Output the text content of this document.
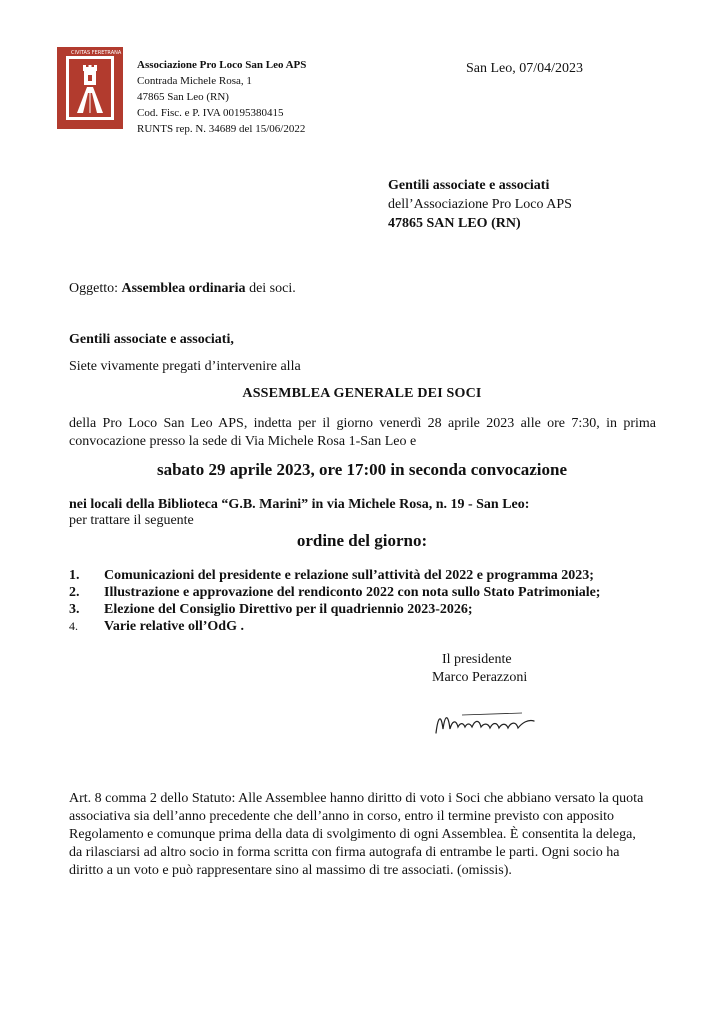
CIVITAS FERETRANA
Associazione Pro Loco San Leo APS
Contrada Michele Rosa, 1
47865 San Leo (RN)
Cod. Fisc. e P. IVA 00195380415
RUNTS rep. N. 34689 del 15/06/2022
San Leo, 07/04/2023
Gentili associate e associati
dell’Associazione Pro Loco APS
47865 SAN LEO (RN)
Oggetto: Assemblea ordinaria dei soci.
Gentili associate e associati,
Siete vivamente pregati d’intervenire alla
ASSEMBLEA GENERALE DEI SOCI
della Pro Loco San Leo APS, indetta per il giorno venerdì 28 aprile 2023 alle ore 7:30, in prima convocazione presso la sede di Via Michele Rosa 1-San Leo e
sabato 29 aprile 2023, ore 17:00 in seconda convocazione
nei locali della Biblioteca “G.B. Marini” in via Michele Rosa, n. 19 - San Leo:
per trattare il seguente
ordine del giorno:
1. Comunicazioni del presidente e relazione sull’attività del 2022 e programma 2023;
2. Illustrazione e approvazione del rendiconto 2022 con nota sullo Stato Patrimoniale;
3. Elezione del Consiglio Direttivo per il quadriennio 2023-2026;
4. Varie relative oll’OdG .
Il presidente
Marco Perazzoni
Art. 8 comma 2 dello Statuto: Alle Assemblee hanno diritto di voto i Soci che abbiano versato la quota associativa sia dell’anno precedente che dell’anno in corso, entro il termine previsto con apposito Regolamento e comunque prima della data di svolgimento di ogni Assemblea. È consentita la delega, da rilasciarsi ad altro socio in forma scritta con firma autografa di entrambe le parti. Ogni socio ha diritto a un voto e può rappresentare sino al massimo di tre associati. (omissis).
